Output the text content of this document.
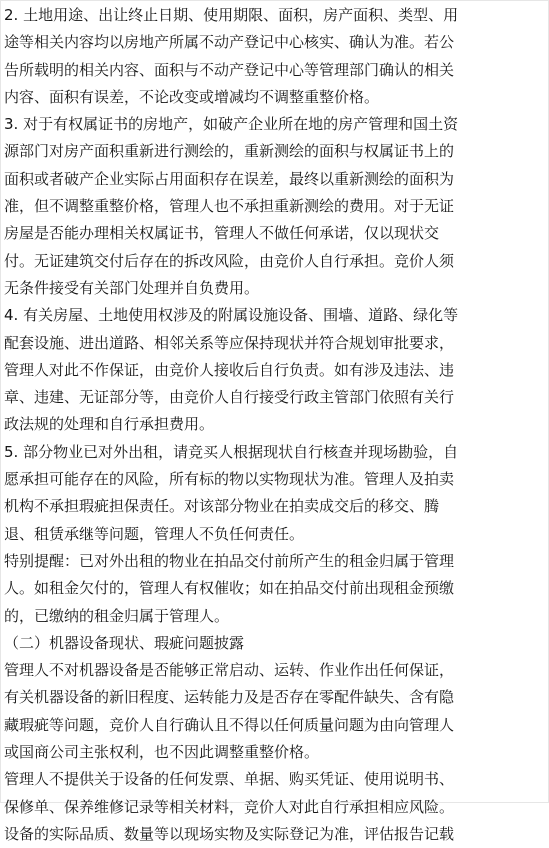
2. 土地用途、出让终止日期、使用期限、面积，房产面积、类型、用
途等相关内容均以房地产所属不动产登记中心核实、确认为准。若公
告所载明的相关内容、面积与不动产登记中心等管理部门确认的相关
内容、面积有误差，不论改变或增减均不调整重整价格。
3. 对于有权属证书的房地产，如破产企业所在地的房产管理和国土资
源部门对房产面积重新进行测绘的，重新测绘的面积与权属证书上的
面积或者破产企业实际占用面积存在误差，最终以重新测绘的面积为
准，但不调整重整价格，管理人也不承担重新测绘的费用。对于无证
房屋是否能办理相关权属证书，管理人不做任何承诺，仅以现状交
付。无证建筑交付后存在的拆改风险，由竞价人自行承担。竞价人须
无条件接受有关部门处理并自负费用。
4. 有关房屋、土地使用权涉及的附属设施设备、围墙、道路、绿化等
配套设施、进出道路、相邻关系等应保持现状并符合规划审批要求，
管理人对此不作保证，由竞价人接收后自行负责。如有涉及违法、违
章、违建、无证部分等，由竞价人自行接受行政主管部门依照有关行
政法规的处理和自行承担费用。
5. 部分物业已对外出租，请竞买人根据现状自行核查并现场勘验，自
愿承担可能存在的风险，所有标的物以实物现状为准。管理人及拍卖
机构不承担瑕疵担保责任。对该部分物业在拍卖成交后的移交、腾
退、租赁承继等问题，管理人不负任何责任。
特别提醒：已对外出租的物业在拍品交付前所产生的租金归属于管理
人。如租金欠付的，管理人有权催收；如在拍品交付前出现租金预缴
的，已缴纳的租金归属于管理人。
（二）机器设备现状、瑕疵问题披露
管理人不对机器设备是否能够正常启动、运转、作业作出任何保证，
有关机器设备的新旧程度、运转能力及是否存在零配件缺失、含有隐
藏瑕疵等问题，竞价人自行确认且不得以任何质量问题为由向管理人
或国商公司主张权利，也不因此调整重整价格。
管理人不提供关于设备的任何发票、单据、购买凭证、使用说明书、
保修单、保养维修记录等相关材料，竞价人对此自行承担相应风险。
设备的实际品质、数量等以现场实物及实际登记为准，评估报告记载
